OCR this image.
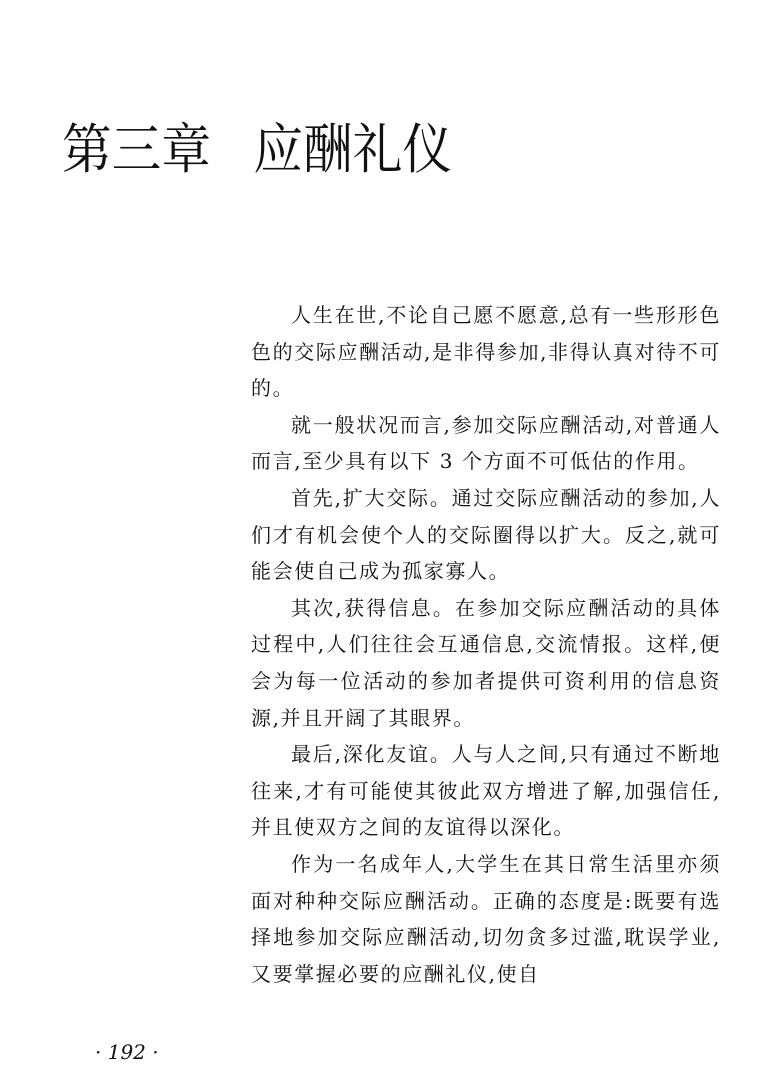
第三章 应酬礼仪

人生在世,不论自己愿不愿意,总有一些形形色色的交际应酬活动,是非得参加,非得认真对待不可的。

就一般状况而言,参加交际应酬活动,对普通人而言,至少具有以下 3 个方面不可低估的作用。

首先,扩大交际。通过交际应酬活动的参加,人们才有机会使个人的交际圈得以扩大。反之,就可能会使自己成为孤家寡人。

其次,获得信息。在参加交际应酬活动的具体过程中,人们往往会互通信息,交流情报。这样,便会为每一位活动的参加者提供可资利用的信息资源,并且开阔了其眼界。

最后,深化友谊。人与人之间,只有通过不断地往来,才有可能使其彼此双方增进了解,加强信任,并且使双方之间的友谊得以深化。

作为一名成年人,大学生在其日常生活里亦须面对种种交际应酬活动。正确的态度是:既要有选择地参加交际应酬活动,切勿贪多过滥,耽误学业,又要掌握必要的应酬礼仪,使自

· 192 ·
